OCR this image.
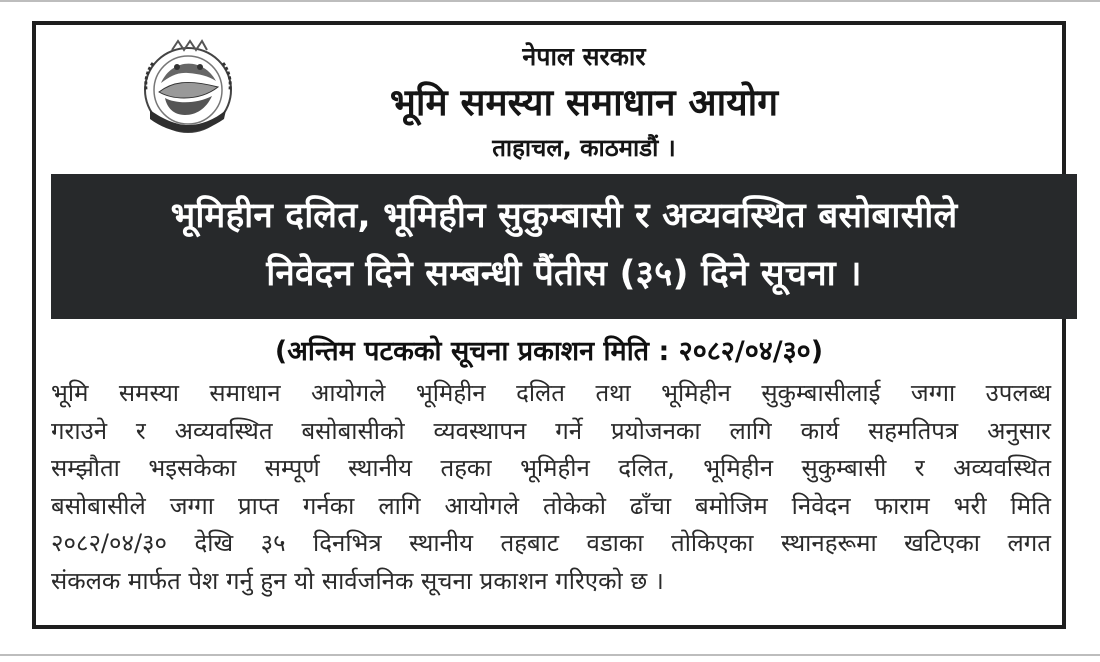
नेपाल सरकार
भूमि समस्या समाधान आयोग
ताहाचल, काठमाडौं ।
भूमिहीन दलित, भूमिहीन सुकुम्बासी र अव्यवस्थित बसोबासीले
निवेदन दिने सम्बन्धी पैंतीस (३५) दिने सूचना ।
(अन्तिम पटकको सूचना प्रकाशन मिति : २०८२/०४/३०)
भूमि समस्या समाधान आयोगले भूमिहीन दलित तथा भूमिहीन सुकुम्बासीलाई जग्गा उपलब्ध
गराउने र अव्यवस्थित बसोबासीको व्यवस्थापन गर्ने प्रयोजनका लागि कार्य सहमतिपत्र अनुसार
सम्झौता भइसकेका सम्पूर्ण स्थानीय तहका भूमिहीन दलित, भूमिहीन सुकुम्बासी र अव्यवस्थित
बसोबासीले जग्गा प्राप्त गर्नका लागि आयोगले तोकेको ढाँचा बमोजिम निवेदन फाराम भरी मिति
२०८२/०४/३० देखि ३५ दिनभित्र स्थानीय तहबाट वडाका तोकिएका स्थानहरूमा खटिएका लगत
संकलक मार्फत पेश गर्नु हुन यो सार्वजनिक सूचना प्रकाशन गरिएको छ ।
